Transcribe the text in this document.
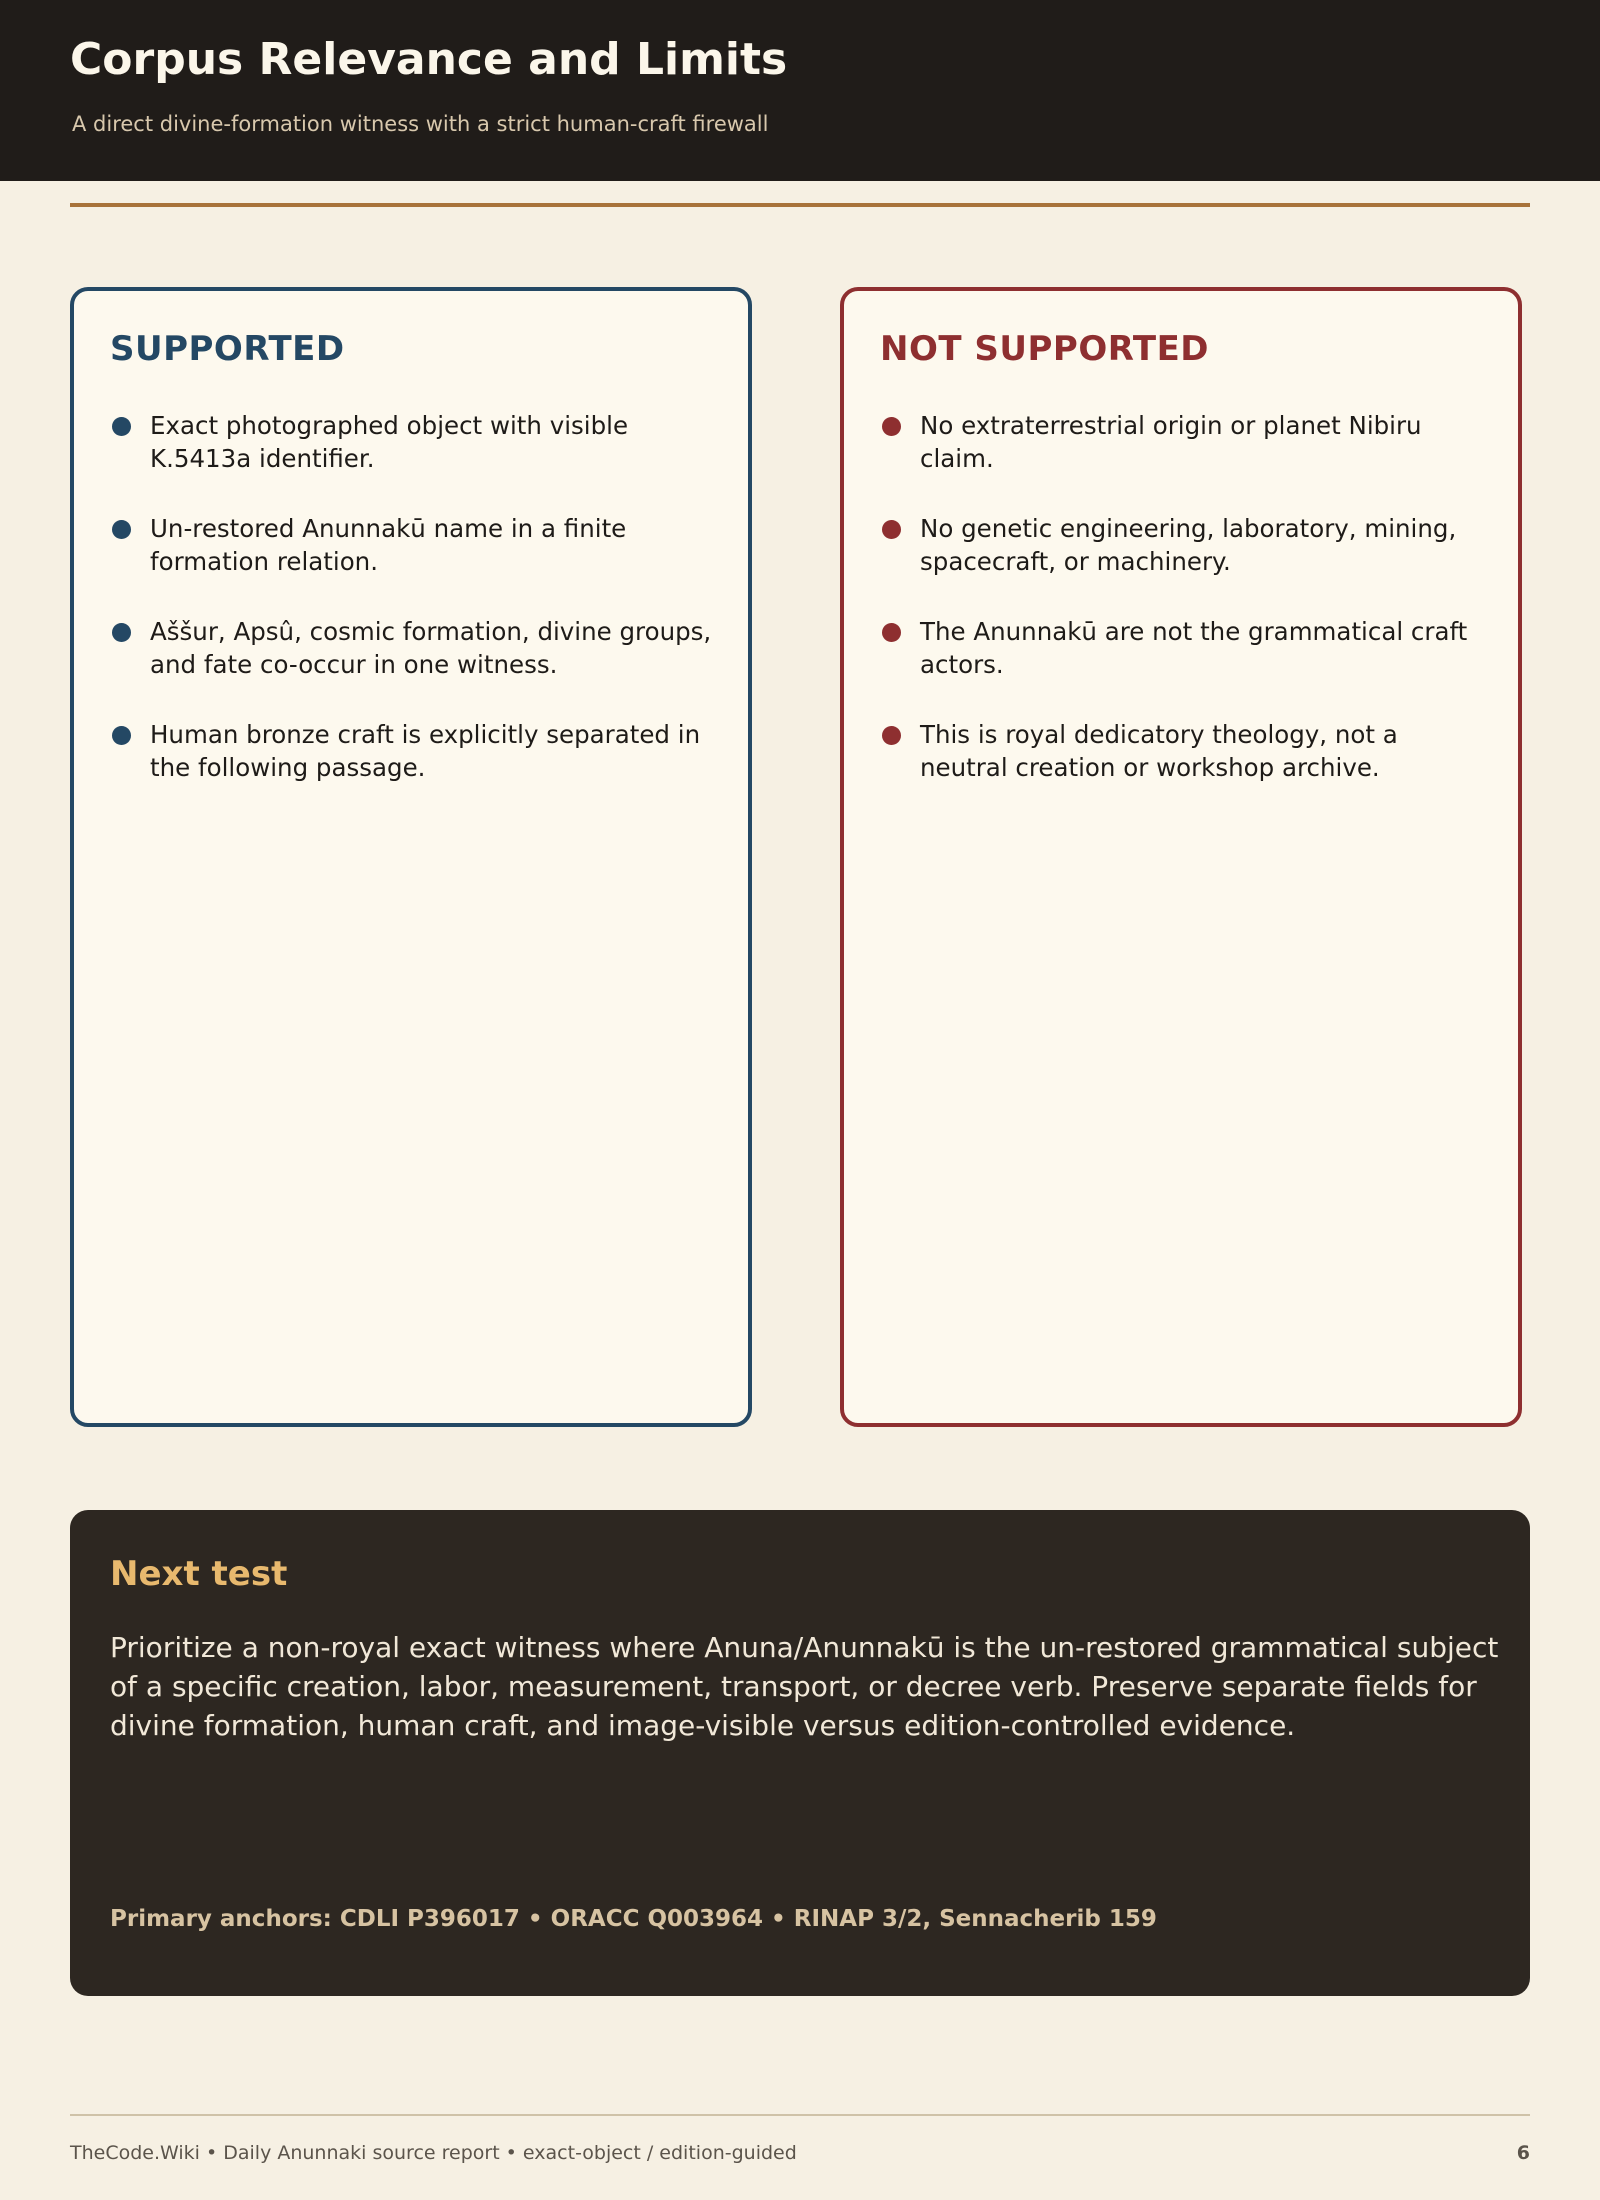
Corpus Relevance and Limits

A direct divine-formation witness with a strict human-craft firewall

SUPPORTED
Exact photographed object with visible K.5413a identifier.
Un-restored Anunnakū name in a finite formation relation.
Aššur, Apsû, cosmic formation, divine groups, and fate co-occur in one witness.
Human bronze craft is explicitly separated in the following passage.
NOT SUPPORTED
No extraterrestrial origin or planet Nibiru claim.
No genetic engineering, laboratory, mining, spacecraft, or machinery.
The Anunnakū are not the grammatical craft actors.
This is royal dedicatory theology, not a neutral creation or workshop archive.
Next test

Prioritize a non-royal exact witness where Anuna/Anunnakū is the un-restored grammatical subject of a specific creation, labor, measurement, transport, or decree verb. Preserve separate fields for divine formation, human craft, and image-visible versus edition-controlled evidence.

Primary anchors: CDLI P396017 • ORACC Q003964 • RINAP 3/2, Sennacherib 159

TheCode.Wiki • Daily Anunnaki source report • exact-object / edition-guided	6
